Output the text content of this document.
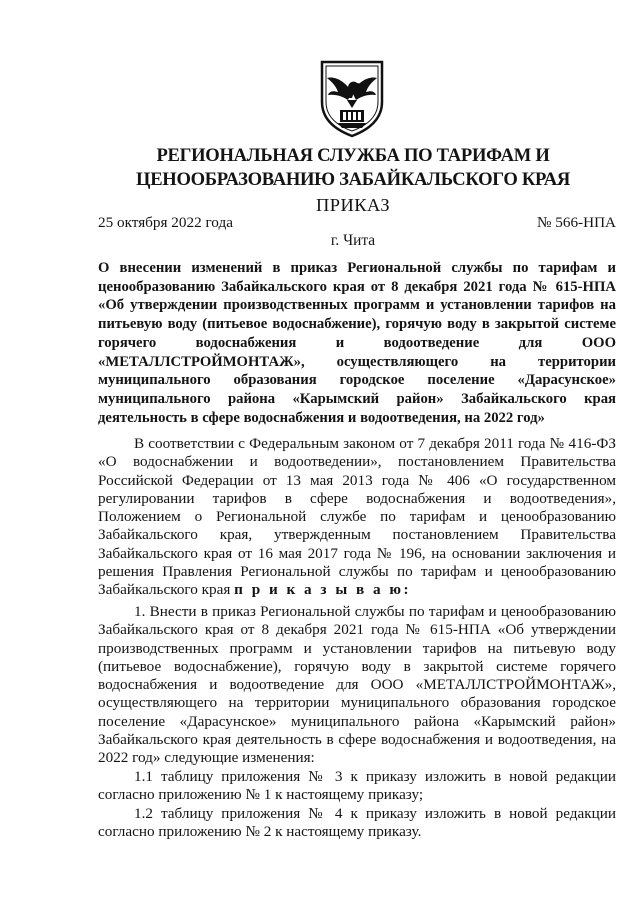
РЕГИОНАЛЬНАЯ СЛУЖБА ПО ТАРИФАМ И
ЦЕНООБРАЗОВАНИЮ ЗАБАЙКАЛЬСКОГО КРАЯ
ПРИКАЗ
25 октября 2022 года	№ 566-НПА
г. Чита

О внесении изменений в приказ Региональной службы по тарифам и ценообразованию Забайкальского края от 8 декабря 2021 года № 615-НПА «Об утверждении производственных программ и установлении тарифов на питьевую воду (питьевое водоснабжение), горячую воду в закрытой системе горячего водоснабжения и водоотведение для ООО «МЕТАЛЛСТРОЙМОНТАЖ», осуществляющего на территории муниципального образования городское поселение «Дарасунское» муниципального района «Карымский район» Забайкальского края деятельность в сфере водоснабжения и водоотведения, на 2022 год»

В соответствии с Федеральным законом от 7 декабря 2011 года № 416-ФЗ «О водоснабжении и водоотведении», постановлением Правительства Российской Федерации от 13 мая 2013 года № 406 «О государственном регулировании тарифов в сфере водоснабжения и водоотведения», Положением о Региональной службе по тарифам и ценообразованию Забайкальского края, утвержденным постановлением Правительства Забайкальского края от 16 мая 2017 года № 196, на основании заключения и решения Правления Региональной службы по тарифам и ценообразованию Забайкальского края п р и к а з ы в а ю:

1. Внести в приказ Региональной службы по тарифам и ценообразованию Забайкальского края от 8 декабря 2021 года № 615-НПА «Об утверждении производственных программ и установлении тарифов на питьевую воду (питьевое водоснабжение), горячую воду в закрытой системе горячего водоснабжения и водоотведение для ООО «МЕТАЛЛСТРОЙМОНТАЖ», осуществляющего на территории муниципального образования городское поселение «Дарасунское» муниципального района «Карымский район» Забайкальского края деятельность в сфере водоснабжения и водоотведения, на 2022 год» следующие изменения:

1.1 таблицу приложения № 3 к приказу изложить в новой редакции согласно приложению № 1 к настоящему приказу;

1.2 таблицу приложения № 4 к приказу изложить в новой редакции согласно приложению № 2 к настоящему приказу.
